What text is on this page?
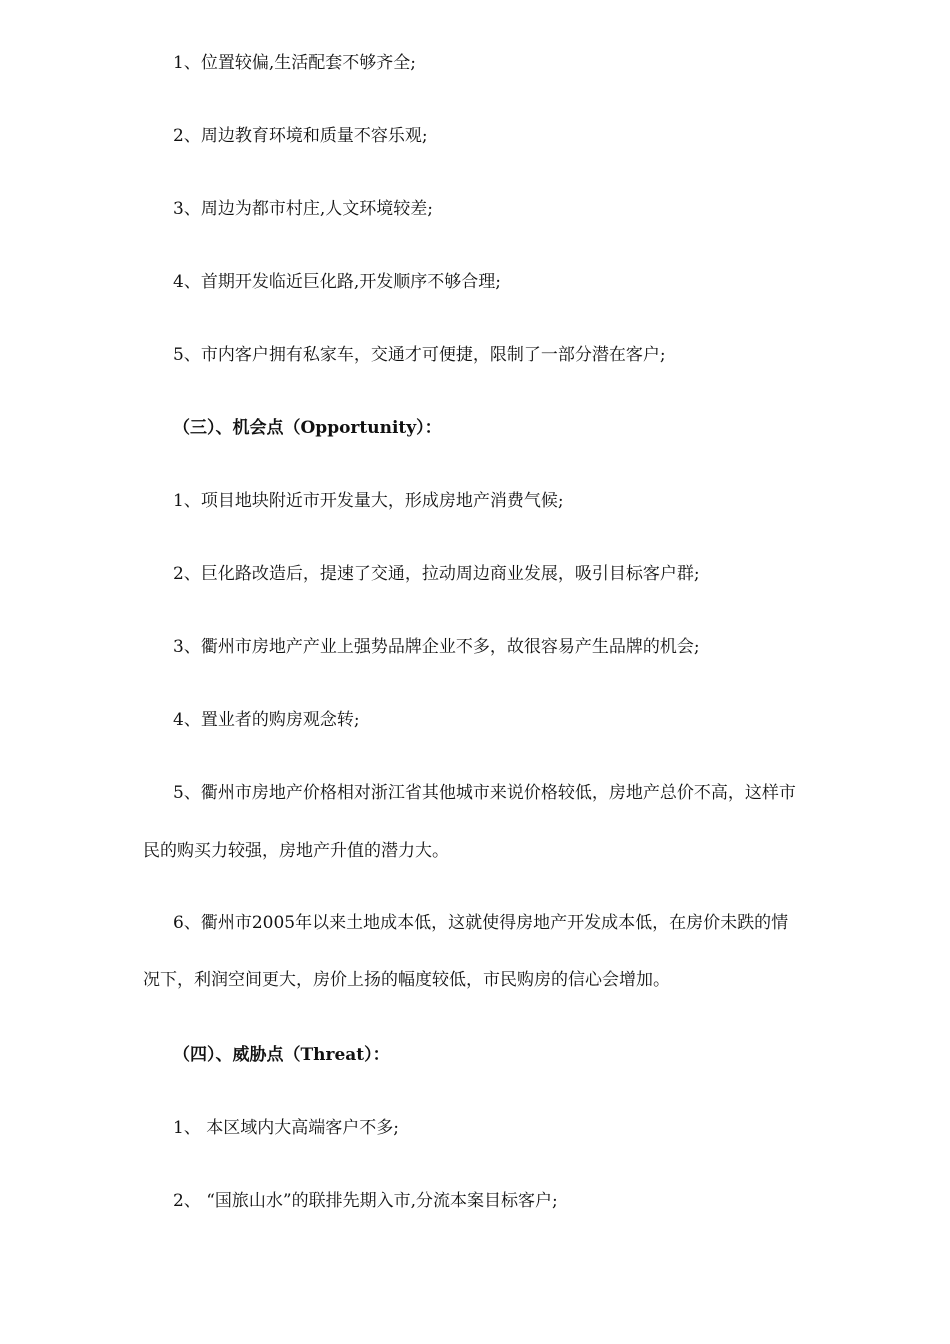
1、位置较偏,生活配套不够齐全;
2、周边教育环境和质量不容乐观;
3、周边为都市村庄,人文环境较差;
4、首期开发临近巨化路,开发顺序不够合理;
5、市内客户拥有私家车，交通才可便捷，限制了一部分潜在客户;
（三）、机会点（Opportunity）：
1、项目地块附近市开发量大，形成房地产消费气候;
2、巨化路改造后，提速了交通，拉动周边商业发展，吸引目标客户群;
3、衢州市房地产产业上强势品牌企业不多，故很容易产生品牌的机会;
4、置业者的购房观念转;
5、衢州市房地产价格相对浙江省其他城市来说价格较低，房地产总价不高，这样市
民的购买力较强，房地产升值的潜力大。
6、衢州市2005年以来土地成本低，这就使得房地产开发成本低，在房价未跌的情
况下，利润空间更大，房价上扬的幅度较低，市民购房的信心会增加。
（四）、威胁点（Threat）：
1、 本区域内大高端客户不多;
2、 “国旅山水”的联排先期入市,分流本案目标客户;
